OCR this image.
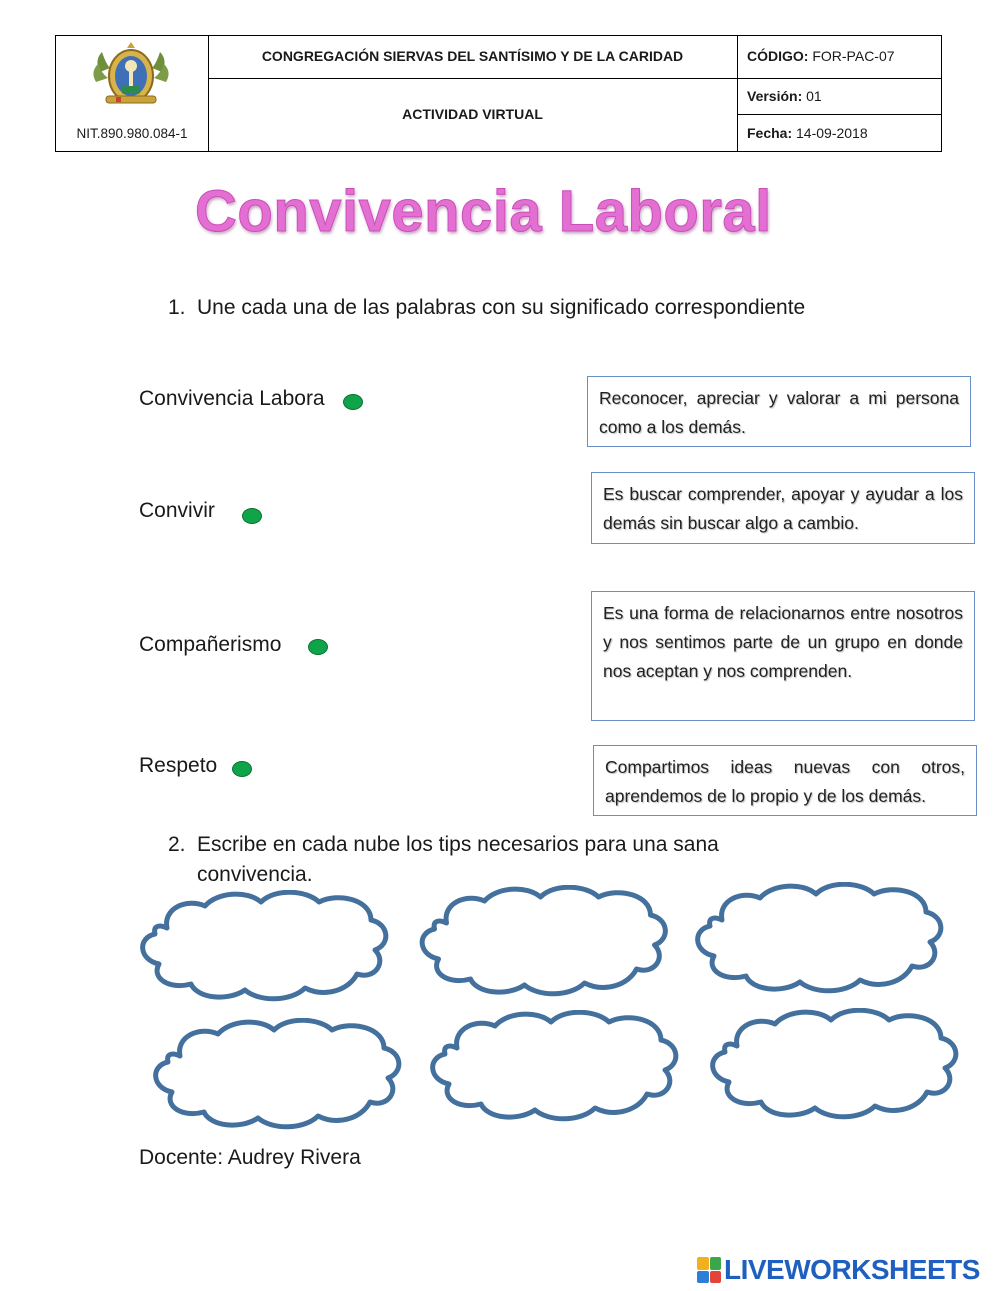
NIT.890.980.084-1
CONGREGACIÓN SIERVAS DEL SANTÍSIMO Y DE LA CARIDAD
ACTIVIDAD VIRTUAL
CÓDIGO: FOR-PAC-07
Versión: 01
Fecha: 14-09-2018
Convivencia Laboral
1. Une cada una de las palabras con su significado correspondiente
Convivencia Labora
Convivir
Compañerismo
Respeto
Reconocer, apreciar y valorar a mi persona como a los demás.
Es buscar comprender, apoyar y ayudar a los demás sin buscar algo a cambio.
Es una forma de relacionarnos entre nosotros y nos sentimos parte de un grupo en donde nos aceptan y nos comprenden.
Compartimos ideas nuevas con otros, aprendemos de lo propio y de los demás.
2. Escribe en cada nube los tips necesarios para una sana
convivencia.
Docente: Audrey Rivera
LIVEWORKSHEETS
